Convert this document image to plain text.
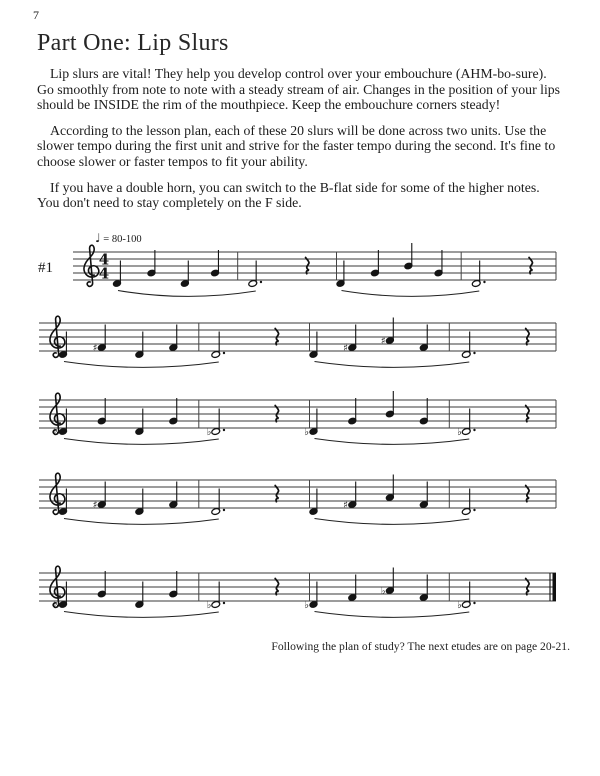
7
Part One: Lip Slurs

Lip slurs are vital! They help you develop control over your embouchure (AHM-bo-sure). Go smoothly from note to note with a steady stream of air. Changes in the position of your lips should be INSIDE the rim of the mouthpiece. Keep the embouchure corners steady!

According to the lesson plan, each of these 20 slurs will be done across two units. Use the slower tempo during the first unit and strive for the faster tempo during the second. It's fine to choose slower or faster tempos to fit your ability.

If you have a double horn, you can switch to the B-flat side for some of the higher notes. You don't need to stay completely on the F side.

#1
♩ = 80-100
4
4
♯	♯
♯
♭	♭	♭	♭
♯	♯
♭	♭	♭
♭
♭
Following the plan of study? The next etudes are on page 20-21.
